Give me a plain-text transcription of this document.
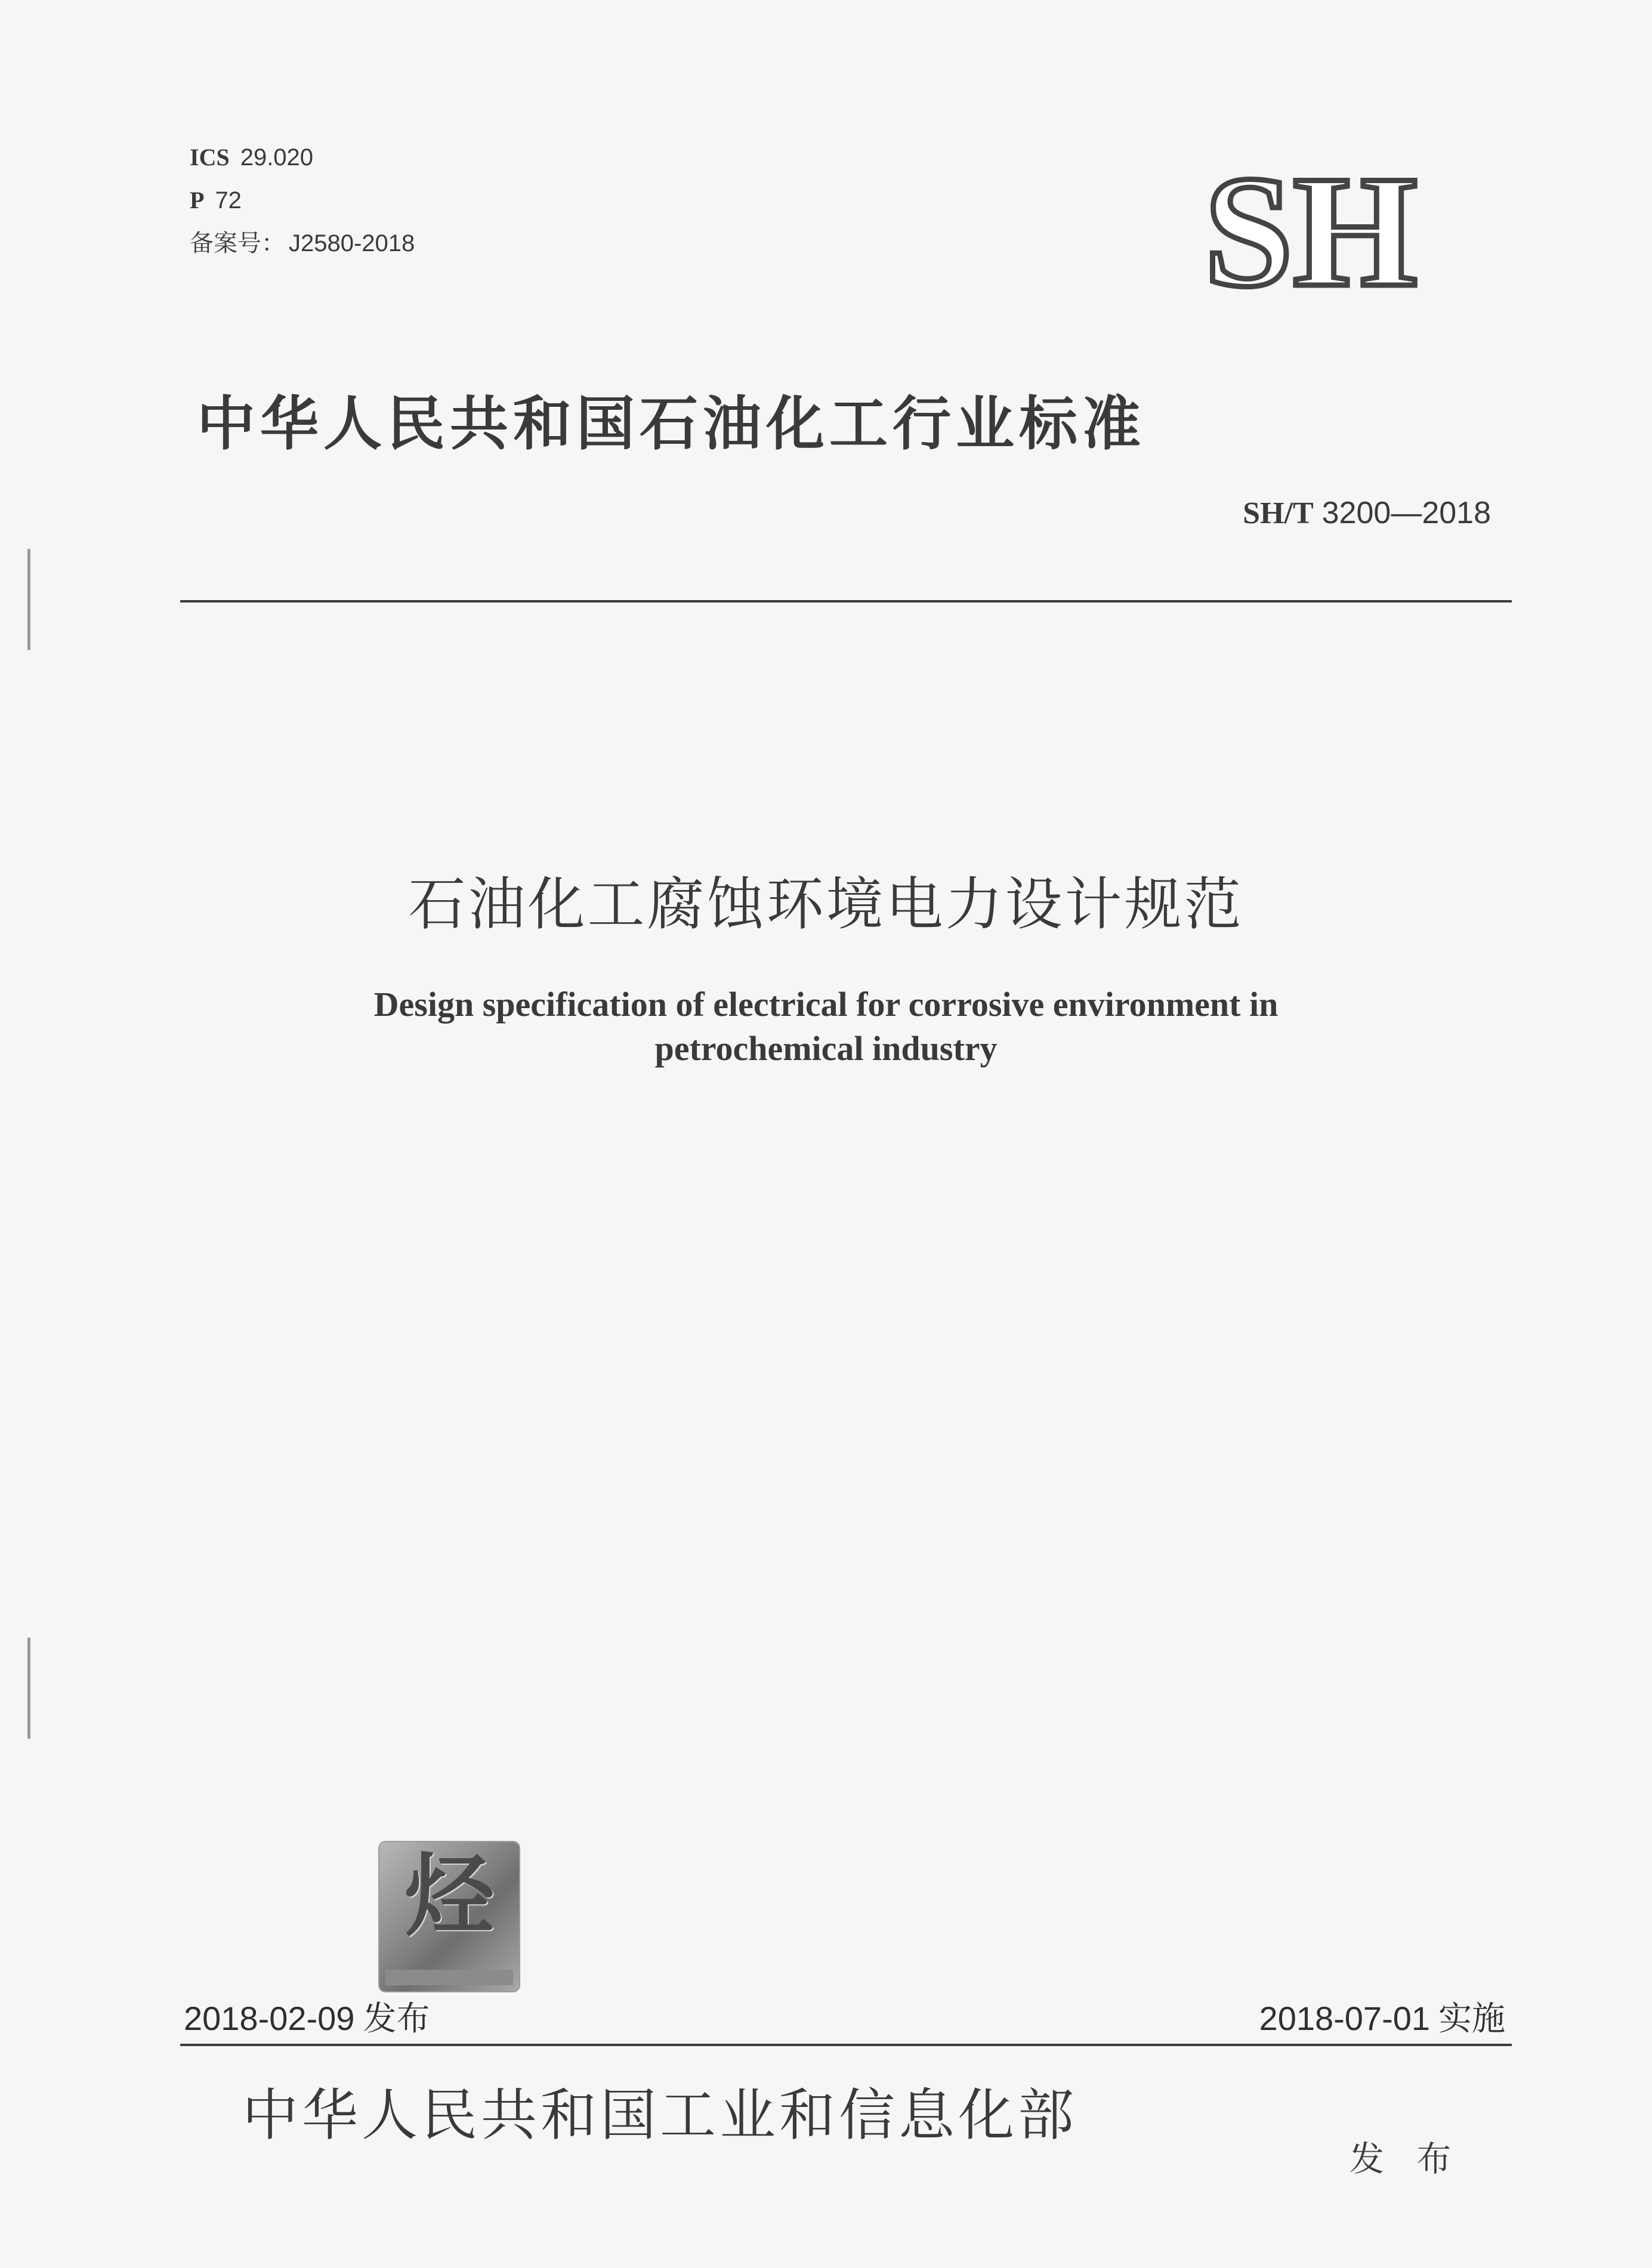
ICS 29.020
P 72
备案号： J2580-2018	SH
中华人民共和国石油化工行业标准
SH/T 3200—2018
石油化工腐蚀环境电力设计规范
Design specification of electrical for corrosive environment in
petrochemical industry
烃
2018-02-09 发布	2018-07-01 实施
中华人民共和国工业和信息化部
发 布
